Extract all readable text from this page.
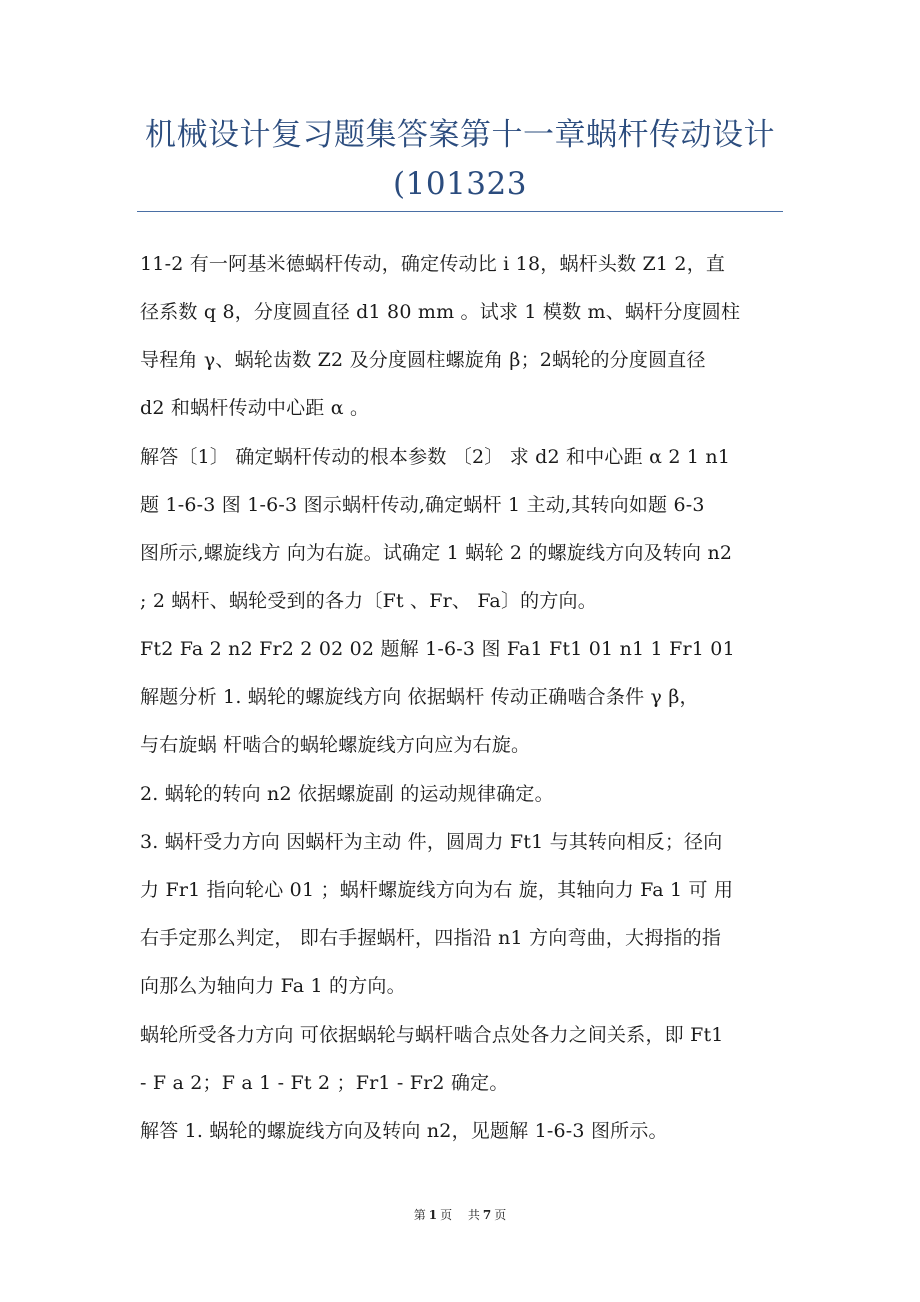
机械设计复习题集答案第十一章蜗杆传动设计
(101323
11-2 有一阿基米德蜗杆传动，确定传动比 i 18，蜗杆头数 Z1 2，直
径系数 q 8，分度圆直径 d1 80 mm 。试求 1 模数 m、蜗杆分度圆柱
导程角 γ、蜗轮齿数 Z2 及分度圆柱螺旋角 β；2蜗轮的分度圆直径
d2 和蜗杆传动中心距 α 。
解答〔1〕 确定蜗杆传动的根本参数 〔2〕 求 d2 和中心距 α 2 1 n1
题 1-6-3 图 1-6-3 图示蜗杆传动,确定蜗杆 1 主动,其转向如题 6-3
图所示,螺旋线方 向为右旋。试确定 1 蜗轮 2 的螺旋线方向及转向 n2
; 2 蜗杆、蜗轮受到的各力〔Ft 、Fr、 Fa〕的方向。
Ft2 Fa 2 n2 Fr2 2 02 02 题解 1-6-3 图 Fa1 Ft1 01 n1 1 Fr1 01
解题分析 1. 蜗轮的螺旋线方向 依据蜗杆 传动正确啮合条件 γ β，
与右旋蜗 杆啮合的蜗轮螺旋线方向应为右旋。
2. 蜗轮的转向 n2 依据螺旋副 的运动规律确定。
3. 蜗杆受力方向 因蜗杆为主动 件，圆周力 Ft1 与其转向相反；径向
力 Fr1 指向轮心 01 ；蜗杆螺旋线方向为右 旋，其轴向力 Fa 1 可 用
右手定那么判定， 即右手握蜗杆，四指沿 n1 方向弯曲，大拇指的指
向那么为轴向力 Fa 1 的方向。
蜗轮所受各力方向 可依据蜗轮与蜗杆啮合点处各力之间关系，即 Ft1
- F a 2；F a 1 - Ft 2 ；Fr1 - Fr2 确定。
解答 1. 蜗轮的螺旋线方向及转向 n2，见题解 1-6-3 图所示。
第 1 页 共 7 页
